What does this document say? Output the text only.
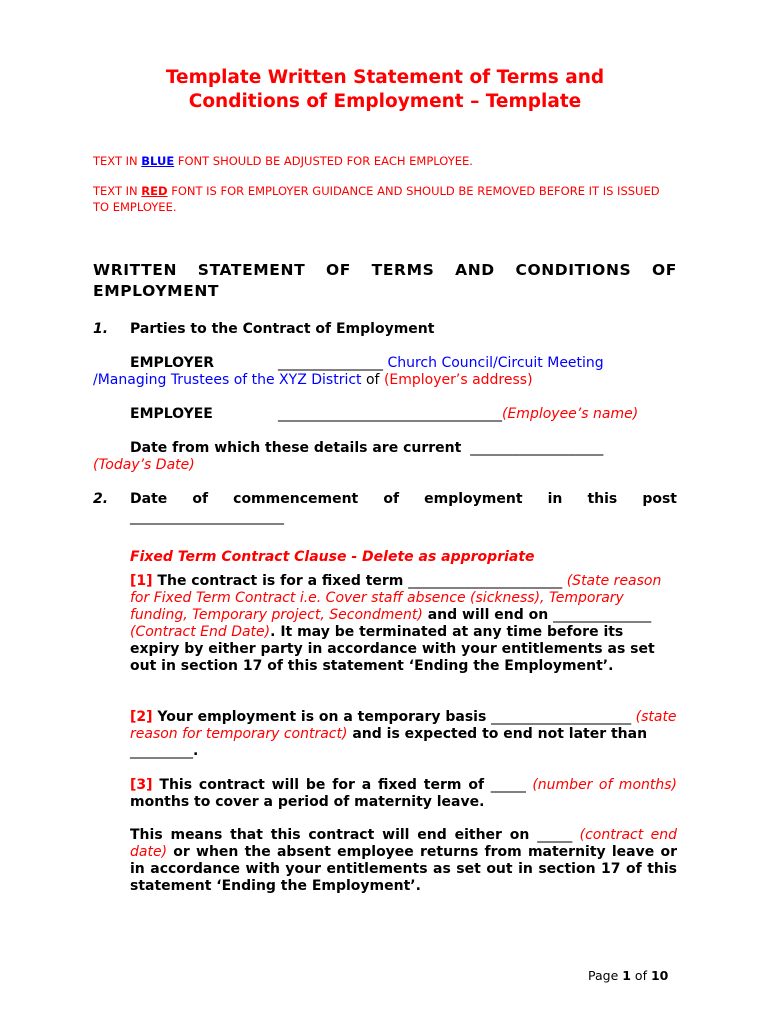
Template Written Statement of Terms and
Conditions of Employment – Template
TEXT IN BLUE FONT SHOULD BE ADJUSTED FOR EACH EMPLOYEE.
TEXT IN RED FONT IS FOR EMPLOYER GUIDANCE AND SHOULD BE REMOVED BEFORE IT IS ISSUED TO EMPLOYEE.
WRITTEN STATEMENT OF TERMS AND CONDITIONS OF EMPLOYMENT
1. Parties to the Contract of Employment
EMPLOYER	_______________ Church Council/Circuit Meeting
/Managing Trustees of the XYZ District of (Employer’s address)
EMPLOYEE	________________________________(Employee’s name)
Date from which these details are current ___________________
(Today’s Date)
2. Date of commencement of employment in this post
______________________
Fixed Term Contract Clause - Delete as appropriate
[1] The contract is for a fixed term ______________________ (State reason for Fixed Term Contract i.e. Cover staff absence (sickness), Temporary funding, Temporary project, Secondment) and will end on ______________ (Contract End Date). It may be terminated at any time before its expiry by either party in accordance with your entitlements as set out in section 17 of this statement ‘Ending the Employment’.
[2] Your employment is on a temporary basis ____________________ (state reason for temporary contract) and is expected to end not later than _________.
[3] This contract will be for a fixed term of _____ (number of months) months to cover a period of maternity leave.
This means that this contract will end either on _____ (contract end date) or when the absent employee returns from maternity leave or in accordance with your entitlements as set out in section 17 of this statement ‘Ending the Employment’.
Page 1 of 10
